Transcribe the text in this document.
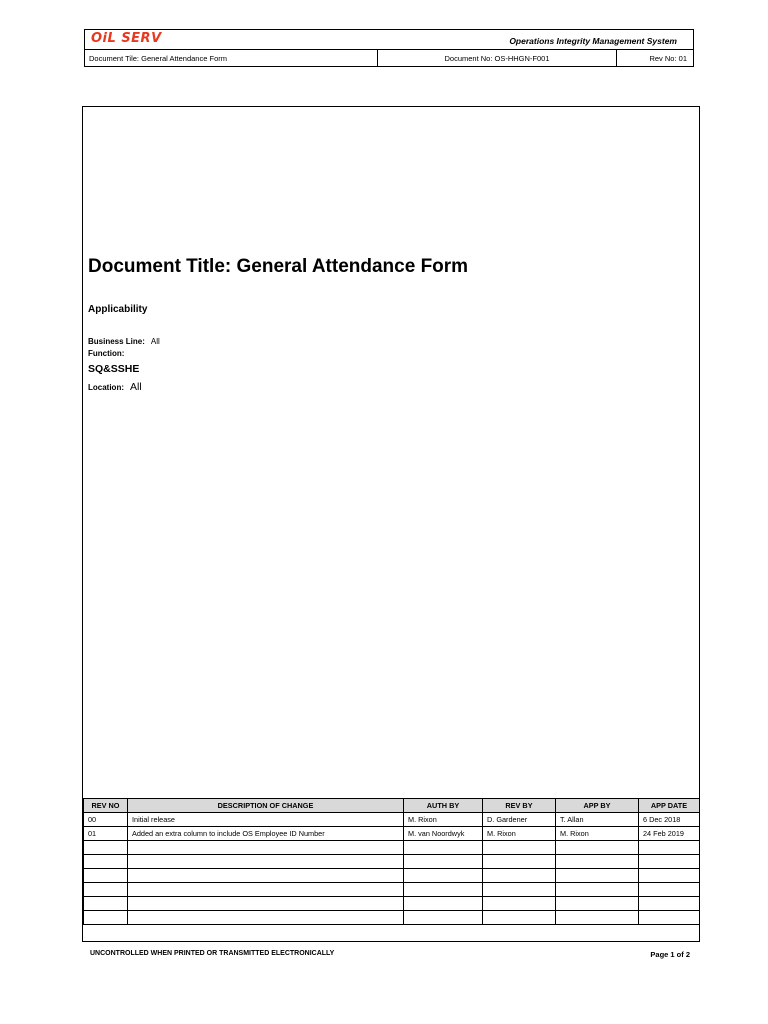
OiL SERV	Operations Integrity Management System
Document Tile: General Attendance Form	Document No: OS-HHGN-F001	Rev No: 01
Document Title: General Attendance Form
Applicability
Business Line: All
Function:
SQ&SSHE
Location: All
REV NO	DESCRIPTION OF CHANGE	AUTH BY	REV BY	APP BY	APP DATE
00	Initial release	M. Rixon	D. Gardener	T. Allan	6 Dec 2018
01	Added an extra column to include OS Employee ID Number	M. van Noordwyk	M. Rixon	M. Rixon	24 Feb 2019

UNCONTROLLED WHEN PRINTED OR TRANSMITTED ELECTRONICALLY	Page 1 of 2
